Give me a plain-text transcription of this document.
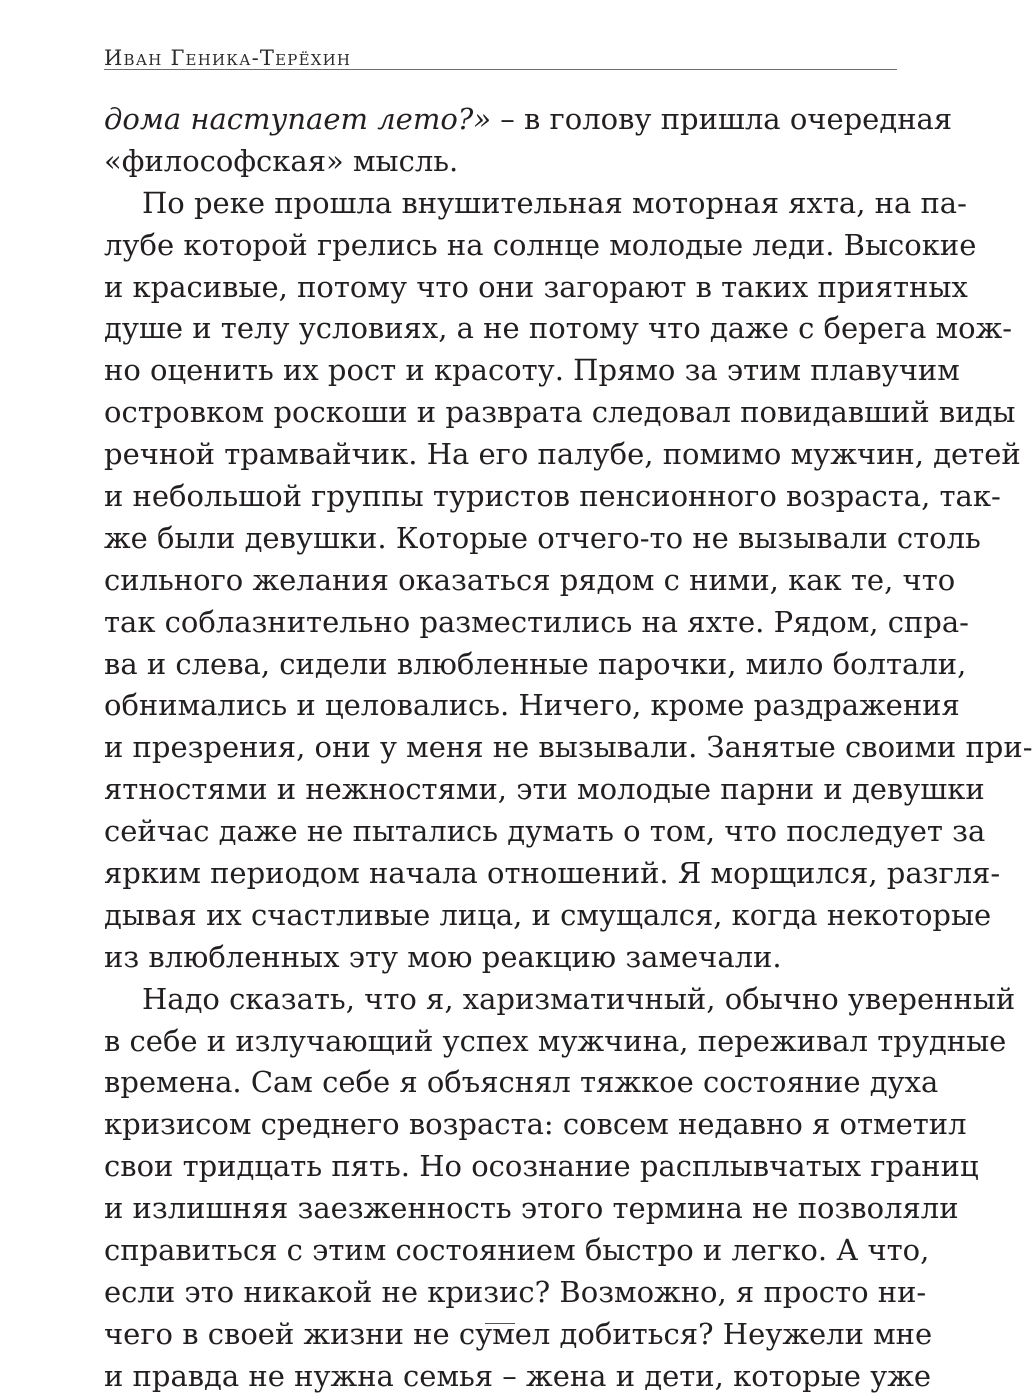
Иван Геника-Терёхин
дома наступает лето?» – в голову пришла очередная
«философская» мысль.
По реке прошла внушительная моторная яхта, на па-
лубе которой грелись на солнце молодые леди. Высокие
и красивые, потому что они загорают в таких приятных
душе и телу условиях, а не потому что даже с берега мож-
но оценить их рост и красоту. Прямо за этим плавучим
островком роскоши и разврата следовал повидавший виды
речной трамвайчик. На его палубе, помимо мужчин, детей
и небольшой группы туристов пенсионного возраста, так-
же были девушки. Которые отчего-то не вызывали столь
сильного желания оказаться рядом с ними, как те, что
так соблазнительно разместились на яхте. Рядом, спра-
ва и слева, сидели влюбленные парочки, мило болтали,
обнимались и целовались. Ничего, кроме раздражения
и презрения, они у меня не вызывали. Занятые своими при-
ятностями и нежностями, эти молодые парни и девушки
сейчас даже не пытались думать о том, что последует за
ярким периодом начала отношений. Я морщился, разгля-
дывая их счастливые лица, и смущался, когда некоторые
из влюбленных эту мою реакцию замечали.
Надо сказать, что я, харизматичный, обычно уверенный
в себе и излучающий успех мужчина, переживал трудные
времена. Сам себе я объяснял тяжкое состояние духа
кризисом среднего возраста: совсем недавно я отметил
свои тридцать пять. Но осознание расплывчатых границ
и излишняя заезженность этого термина не позволяли
справиться с этим состоянием быстро и легко. А что,
если это никакой не кризис? Возможно, я просто ни-
чего в своей жизни не сумел добиться? Неужели мне
и правда не нужна семья – жена и дети, которые уже
